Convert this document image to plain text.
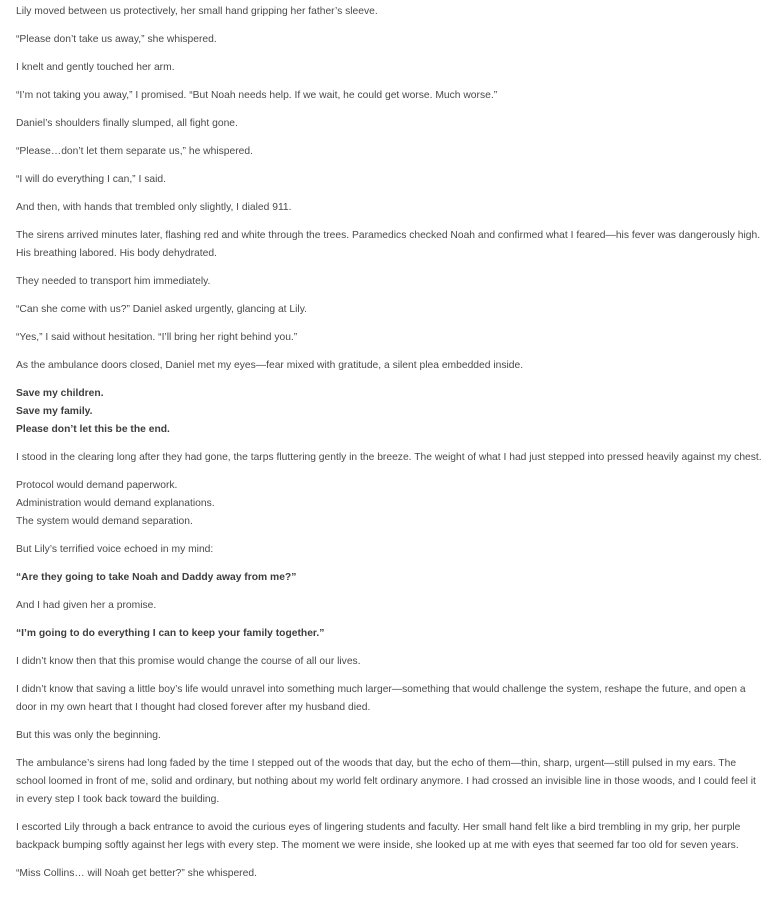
Lily moved between us protectively, her small hand gripping her father’s sleeve.

“Please don’t take us away,” she whispered.

I knelt and gently touched her arm.

“I’m not taking you away,” I promised. “But Noah needs help. If we wait, he could get worse. Much worse.”

Daniel’s shoulders finally slumped, all fight gone.

“Please…don’t let them separate us,” he whispered.

“I will do everything I can,” I said.

And then, with hands that trembled only slightly, I dialed 911.

The sirens arrived minutes later, flashing red and white through the trees. Paramedics checked Noah and confirmed what I feared—his fever was dangerously high. His breathing labored. His body dehydrated.

They needed to transport him immediately.

“Can she come with us?” Daniel asked urgently, glancing at Lily.

“Yes,” I said without hesitation. “I’ll bring her right behind you.”

As the ambulance doors closed, Daniel met my eyes—fear mixed with gratitude, a silent plea embedded inside.

Save my children.

Save my family.

Please don’t let this be the end.

I stood in the clearing long after they had gone, the tarps fluttering gently in the breeze. The weight of what I had just stepped into pressed heavily against my chest.

Protocol would demand paperwork.

Administration would demand explanations.

The system would demand separation.

But Lily’s terrified voice echoed in my mind:

“Are they going to take Noah and Daddy away from me?”

And I had given her a promise.

“I’m going to do everything I can to keep your family together.”

I didn’t know then that this promise would change the course of all our lives.

I didn’t know that saving a little boy’s life would unravel into something much larger—something that would challenge the system, reshape the future, and open a door in my own heart that I thought had closed forever after my husband died.

But this was only the beginning.

The ambulance’s sirens had long faded by the time I stepped out of the woods that day, but the echo of them—thin, sharp, urgent—still pulsed in my ears. The school loomed in front of me, solid and ordinary, but nothing about my world felt ordinary anymore. I had crossed an invisible line in those woods, and I could feel it in every step I took back toward the building.

I escorted Lily through a back entrance to avoid the curious eyes of lingering students and faculty. Her small hand felt like a bird trembling in my grip, her purple backpack bumping softly against her legs with every step. The moment we were inside, she looked up at me with eyes that seemed far too old for seven years.

“Miss Collins… will Noah get better?” she whispered.
